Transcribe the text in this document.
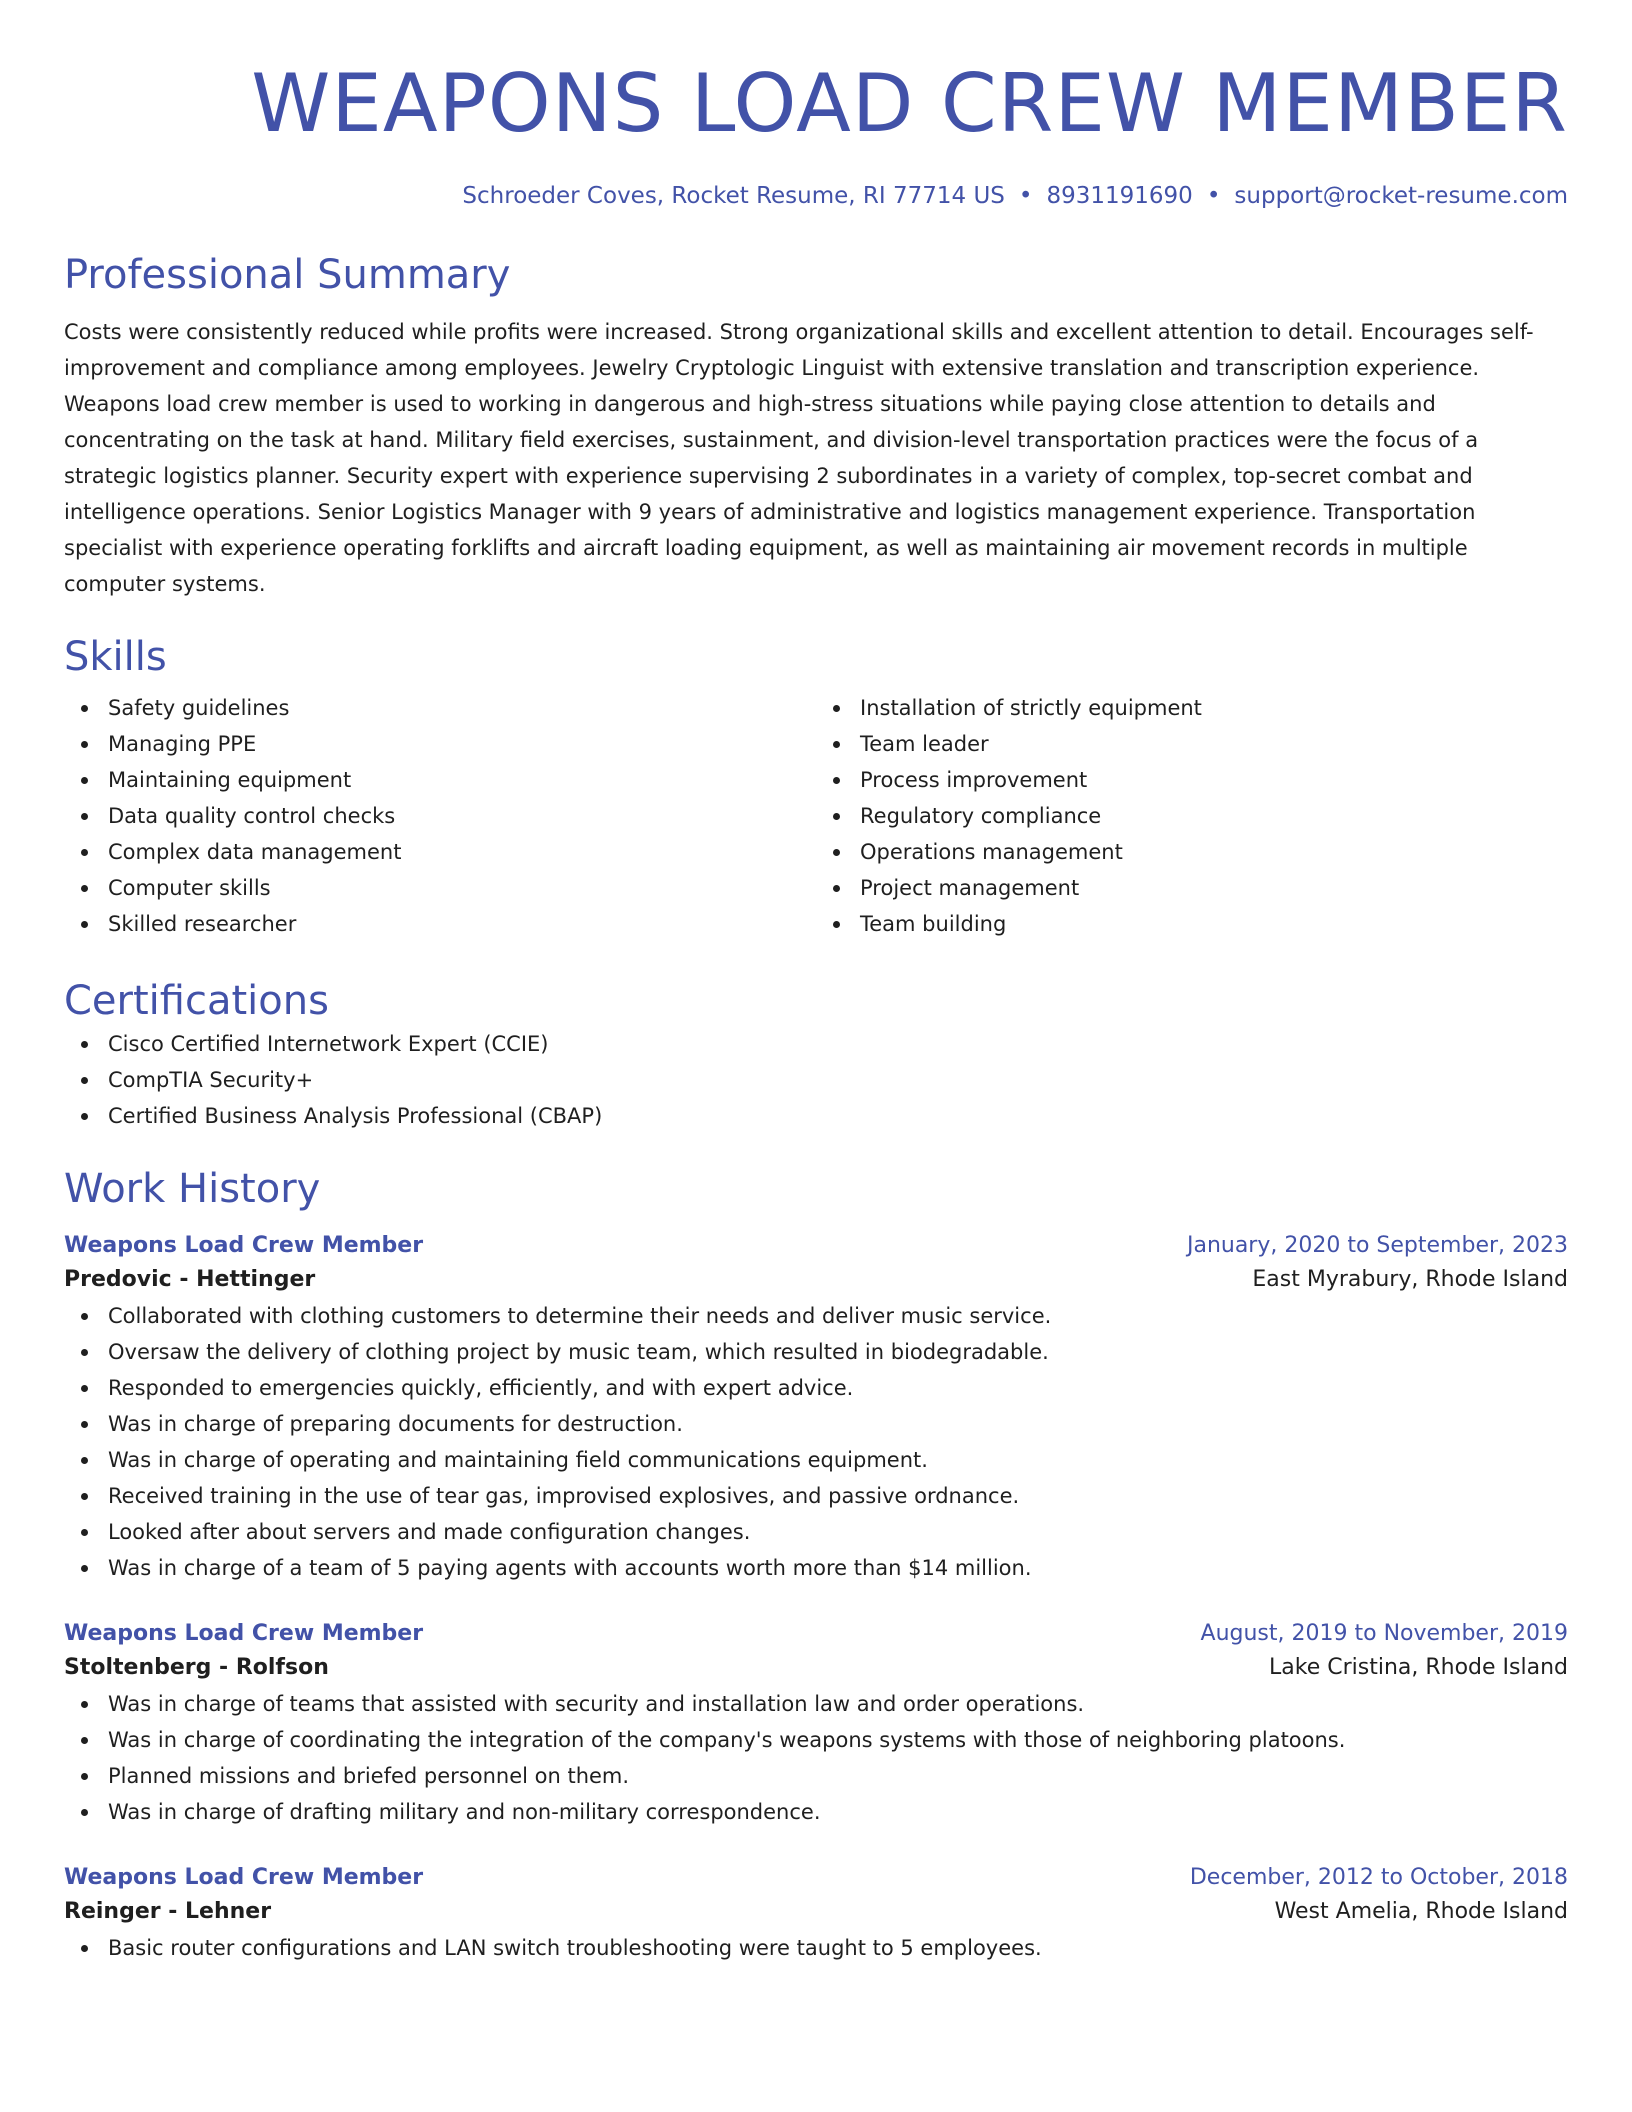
WEAPONS LOAD CREW MEMBER
Schroeder Coves, Rocket Resume, RI 77714 US • 8931191690 • support@rocket-resume.com
Professional Summary
Costs were consistently reduced while profits were increased. Strong organizational skills and excellent attention to detail. Encourages self-improvement and compliance among employees. Jewelry Cryptologic Linguist with extensive translation and transcription experience. Weapons load crew member is used to working in dangerous and high-stress situations while paying close attention to details and concentrating on the task at hand. Military field exercises, sustainment, and division-level transportation practices were the focus of a strategic logistics planner. Security expert with experience supervising 2 subordinates in a variety of complex, top-secret combat and intelligence operations. Senior Logistics Manager with 9 years of administrative and logistics management experience. Transportation specialist with experience operating forklifts and aircraft loading equipment, as well as maintaining air movement records in multiple computer systems.
Skills
Safety guidelines
Managing PPE
Maintaining equipment
Data quality control checks
Complex data management
Computer skills
Skilled researcher
Installation of strictly equipment
Team leader
Process improvement
Regulatory compliance
Operations management
Project management
Team building
Certifications
Cisco Certified Internetwork Expert (CCIE)
CompTIA Security+
Certified Business Analysis Professional (CBAP)
Work History
Weapons Load Crew Member	January, 2020 to September, 2023
Predovic - Hettinger	East Myrabury, Rhode Island
Collaborated with clothing customers to determine their needs and deliver music service.
Oversaw the delivery of clothing project by music team, which resulted in biodegradable.
Responded to emergencies quickly, efficiently, and with expert advice.
Was in charge of preparing documents for destruction.
Was in charge of operating and maintaining field communications equipment.
Received training in the use of tear gas, improvised explosives, and passive ordnance.
Looked after about servers and made configuration changes.
Was in charge of a team of 5 paying agents with accounts worth more than $14 million.
Weapons Load Crew Member	August, 2019 to November, 2019
Stoltenberg - Rolfson	Lake Cristina, Rhode Island
Was in charge of teams that assisted with security and installation law and order operations.
Was in charge of coordinating the integration of the company's weapons systems with those of neighboring platoons.
Planned missions and briefed personnel on them.
Was in charge of drafting military and non-military correspondence.
Weapons Load Crew Member	December, 2012 to October, 2018
Reinger - Lehner	West Amelia, Rhode Island
Basic router configurations and LAN switch troubleshooting were taught to 5 employees.
